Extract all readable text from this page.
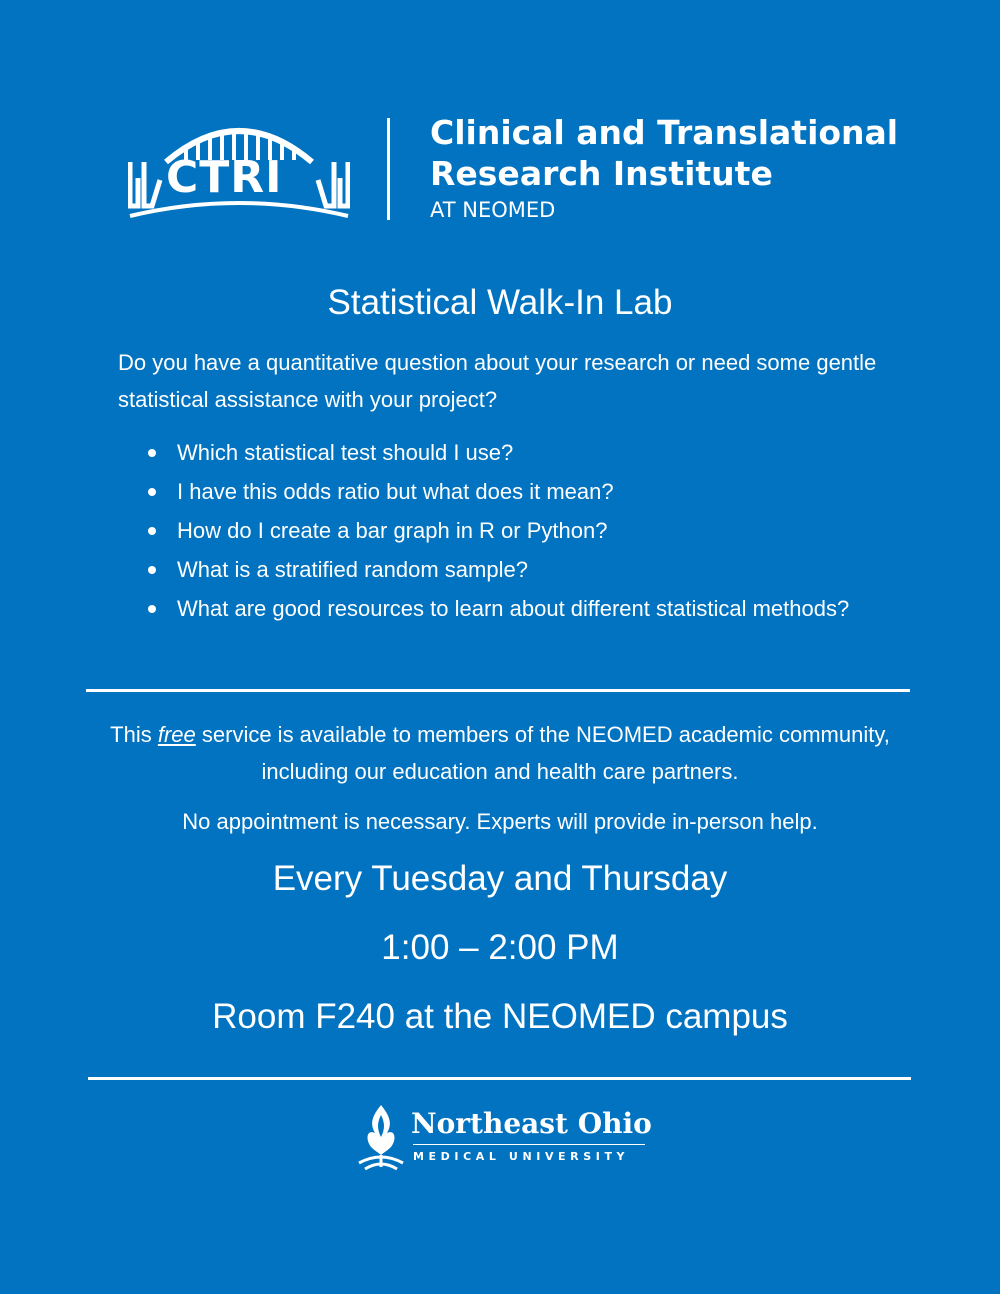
CTRI
Clinical and Translational
Research Institute
AT NEOMED
Statistical Walk-In Lab
Do you have a quantitative question about your research or need some gentle statistical assistance with your project?
Which statistical test should I use?
I have this odds ratio but what does it mean?
How do I create a bar graph in R or Python?
What is a stratified random sample?
What are good resources to learn about different statistical methods?
This free service is available to members of the NEOMED academic community, including our education and health care partners.
No appointment is necessary. Experts will provide in-person help.
Every Tuesday and Thursday
1:00 – 2:00 PM
Room F240 at the NEOMED campus
Northeast Ohio
MEDICAL UNIVERSITY
